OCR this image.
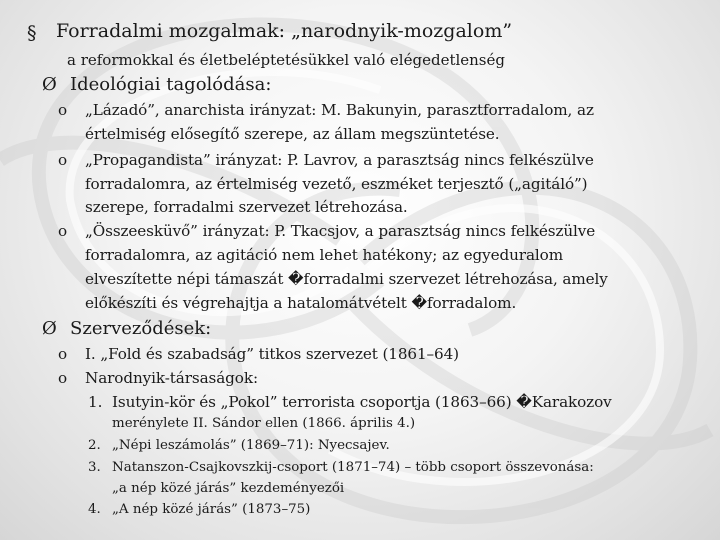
§ Forradalmi mozgalmak: „narodnyik-mozgalom”
a reformokkal és életbeléptetésükkel való elégedetlenség
Ø Ideológiai tagolódása:
o „Lázadó”, anarchista irányzat: M. Bakunyin, parasztforradalom, az
értelmiség elősegítő szerepe, az állam megszüntetése.
o „Propagandista” irányzat: P. Lavrov, a parasztság nincs felkészülve
forradalomra, az értelmiség vezető, eszméket terjesztő („agitáló”)
szerepe, forradalmi szervezet létrehozása.
o „Összeesküvő” irányzat: P. Tkacsjov, a parasztság nincs felkészülve
forradalomra, az agitáció nem lehet hatékony; az egyeduralom
elveszítette népi támaszát �forradalmi szervezet létrehozása, amely
előkészíti és végrehajtja a hatalomátvételt �forradalom.
Ø Szerveződések:
o I. „Fold és szabadság” titkos szervezet (1861–64)
o Narodnyik-társaságok:
1. Isutyin-kör és „Pokol” terrorista csoportja (1863–66) �Karakozov
merénylete II. Sándor ellen (1866. április 4.)
2. „Népi leszámolás” (1869–71): Nyecsajev.
3. Natanszon-Csajkovszkij-csoport (1871–74) – több csoport összevonása:
„a nép közé járás” kezdeményezői
4. „A nép közé járás” (1873–75)
